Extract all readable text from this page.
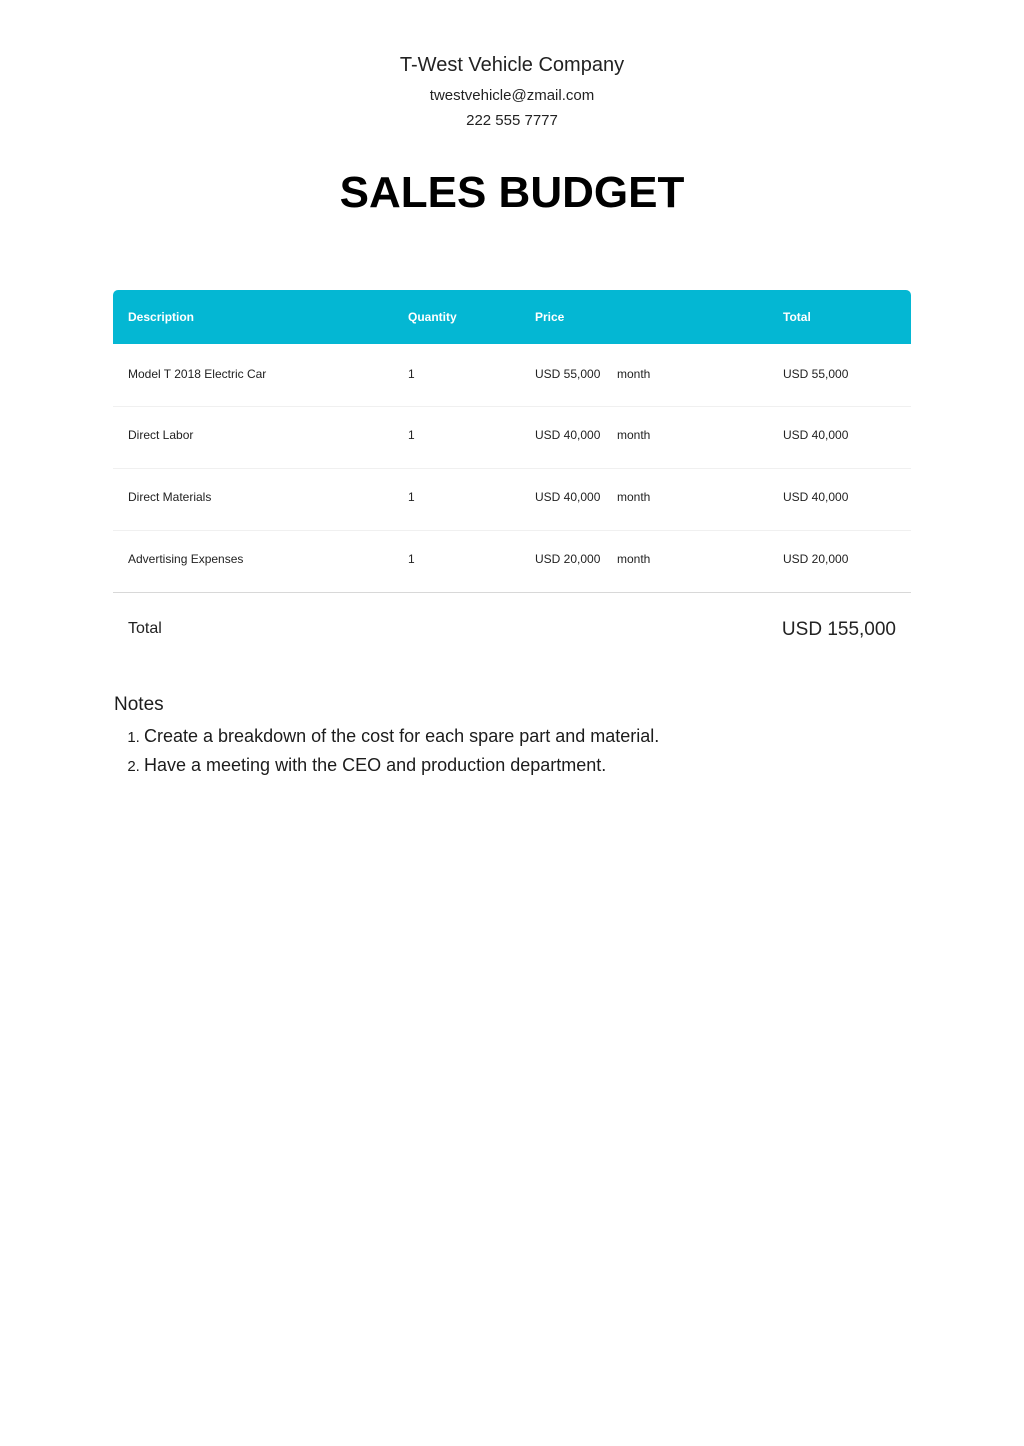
T-West Vehicle Company
twestvehicle@zmail.com
222 555 7777
SALES BUDGET
Description	Quantity	Price	Total
Model T 2018 Electric Car	1	USD 55,000 month	USD 55,000
Direct Labor	1	USD 40,000 month	USD 40,000
Direct Materials	1	USD 40,000 month	USD 40,000
Advertising Expenses	1	USD 20,000 month	USD 20,000
Total	USD 155,000
Notes
1. Create a breakdown of the cost for each spare part and material.
2. Have a meeting with the CEO and production department.
